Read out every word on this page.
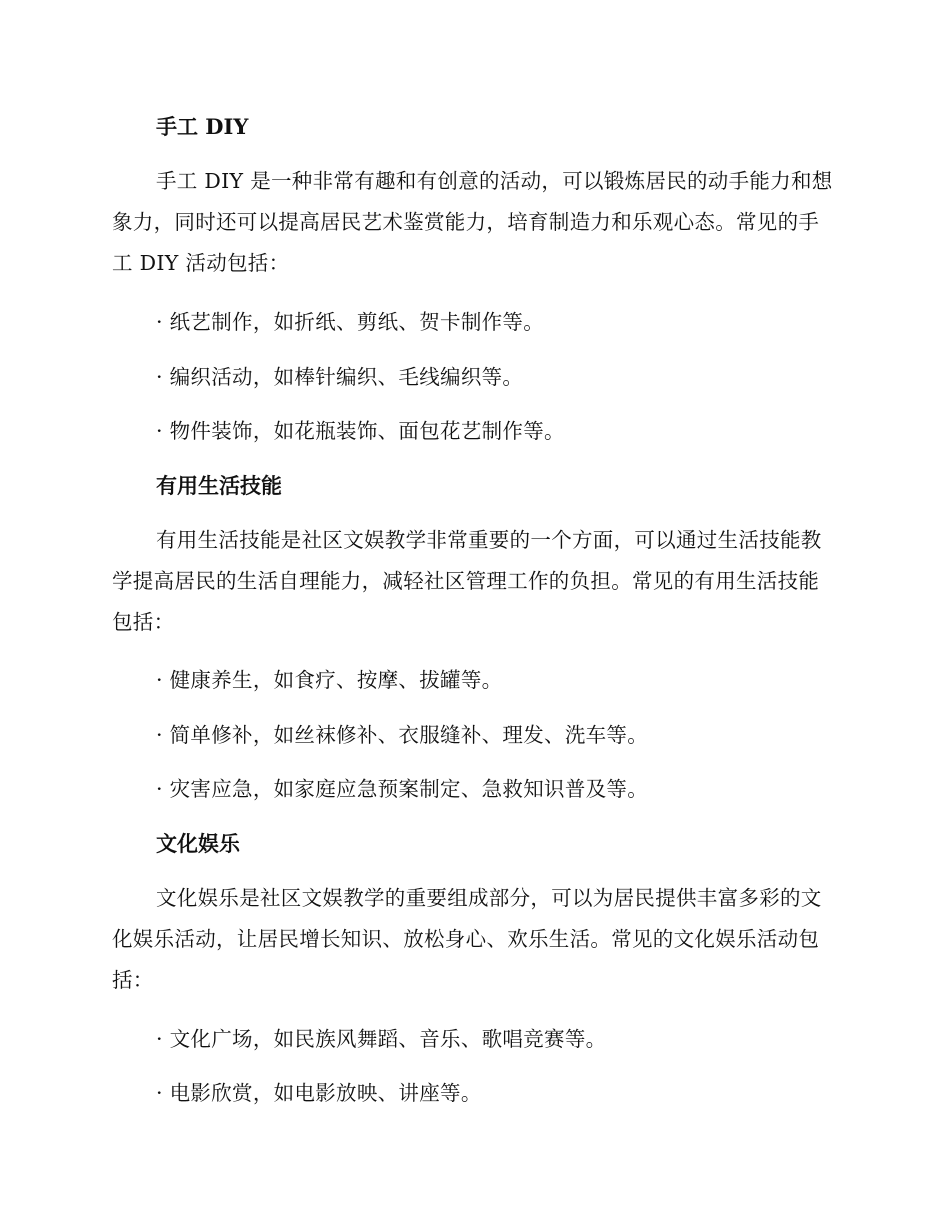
手工 DIY

手工 DIY 是一种非常有趣和有创意的活动，可以锻炼居民的动手能力和想象力，同时还可以提高居民艺术鉴赏能力，培育制造力和乐观心态。常见的手工 DIY 活动包括：

· 纸艺制作，如折纸、剪纸、贺卡制作等。
· 编织活动，如棒针编织、毛线编织等。
· 物件装饰，如花瓶装饰、面包花艺制作等。
有用生活技能

有用生活技能是社区文娱教学非常重要的一个方面，可以通过生活技能教学提高居民的生活自理能力，减轻社区管理工作的负担。常见的有用生活技能包括：

· 健康养生，如食疗、按摩、拔罐等。
· 简单修补，如丝袜修补、衣服缝补、理发、洗车等。
· 灾害应急，如家庭应急预案制定、急救知识普及等。
文化娱乐

文化娱乐是社区文娱教学的重要组成部分，可以为居民提供丰富多彩的文化娱乐活动，让居民增长知识、放松身心、欢乐生活。常见的文化娱乐活动包括：

· 文化广场，如民族风舞蹈、音乐、歌唱竞赛等。
· 电影欣赏，如电影放映、讲座等。
